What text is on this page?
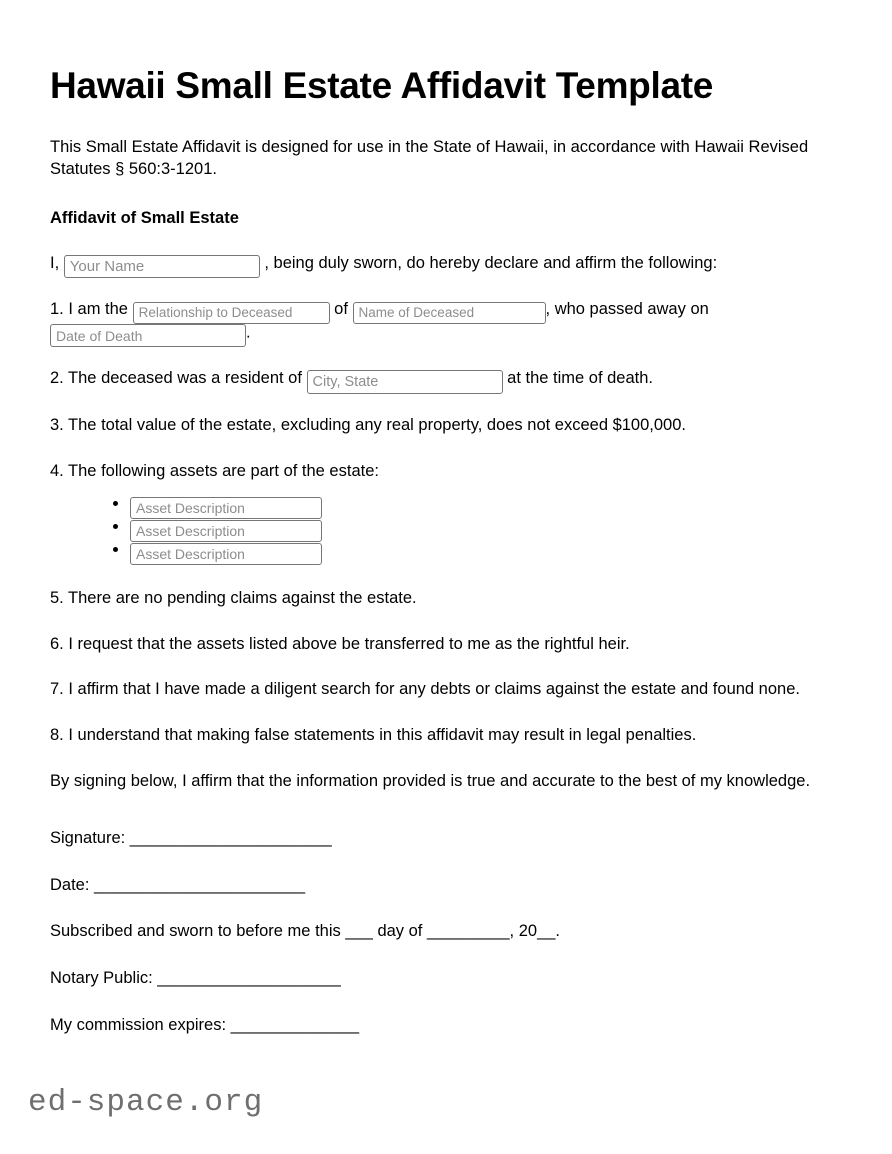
Hawaii Small Estate Affidavit Template

This Small Estate Affidavit is designed for use in the State of Hawaii, in accordance with Hawaii Revised Statutes § 560:3-1201.

Affidavit of Small Estate
I, Your Name	, being duly sworn, do hereby declare and affirm the following:
1. I am the Relationship to Deceased	of Name of Deceased	, who passed away on
Date of Death.
2. The deceased was a resident of City, State	at the time of death.
3. The total value of the estate, excluding any real property, does not exceed $100,000.
4. The following assets are part of the estate:
Asset Description
Asset Description
Asset Description
5. There are no pending claims against the estate.
6. I request that the assets listed above be transferred to me as the rightful heir.
7. I affirm that I have made a diligent search for any debts or claims against the estate and found none.
8. I understand that making false statements in this affidavit may result in legal penalties.
By signing below, I affirm that the information provided is true and accurate to the best of my knowledge.
Signature: ______________________
Date: _______________________
Subscribed and sworn to before me this ___ day of _________, 20__.
Notary Public: ____________________
My commission expires: ______________
ed-space.org
